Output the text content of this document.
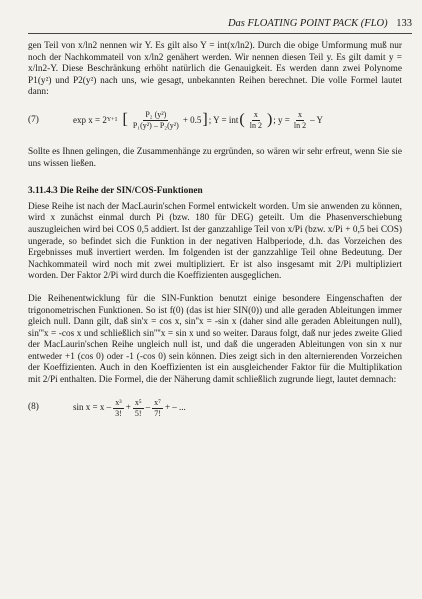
Das FLOATING POINT PACK (FLO) 133

gen Teil von x/ln2 nennen wir Y. Es gilt also Y = int(x/ln2). Durch die obige Umformung muß nur noch der Nachkommateil von x/ln2 genähert werden. Wir nennen diesen Teil y. Es gilt damit y = x/ln2-Y. Diese Beschränkung erhöht natürlich die Genauigkeit. Es werden dann zwei Polynome P1(y²) und P2(y²) nach uns, wie gesagt, unbekannten Reihen berechnet. Die volle Formel lautet dann:

(7)	exp x = 2 Y+1 [ $\frac{\text{P₂ (y²)}}{\text{P₁(y²) – P₂(y²)}} + 0.5$ ] ; Y = int ( $\frac{x}{\ln 2}$ ) ; $y = \frac{x}{\ln 2} - Y$

Sollte es Ihnen gelingen, die Zusammenhänge zu ergründen, so wären wir sehr erfreut, wenn Sie sie uns wissen ließen.

3.11.4.3 Die Reihe der SIN/COS-Funktionen

Diese Reihe ist nach der MacLaurin'schen Formel entwickelt worden. Um sie anwenden zu können, wird x zunächst einmal durch Pi (bzw. 180 für DEG) geteilt. Um die Phasenverschiebung auszugleichen wird bei COS 0,5 addiert. Ist der ganzzahlige Teil von x/Pi (bzw. x/Pi + 0,5 bei COS) ungerade, so befindet sich die Funktion in der negativen Halbperiode, d.h. das Vorzeichen des Ergebnisses muß invertiert werden. Im folgenden ist der ganzzahlige Teil ohne Bedeutung. Der Nachkommateil wird noch mit zwei multipliziert. Er ist also insgesamt mit 2/Pi multipliziert worden. Der Faktor 2/Pi wird durch die Koeffizienten ausgeglichen.

Die Reihenentwicklung für die SIN-Funktion benutzt einige besondere Eingenschaften der trigonometrischen Funktionen. So ist f(0) (das ist hier SIN(0)) und alle geraden Ableitungen immer gleich null. Dann gilt, daß sin'x = cos x, sin''x = -sin x (daher sind alle geraden Ableitungen null), sin'''x = -cos x und schließlich sin''''x = sin x und so weiter. Daraus folgt, daß nur jedes zweite Glied der MacLaurin'schen Reihe ungleich null ist, und daß die ungeraden Ableitungen von sin x nur entweder +1 (cos 0) oder -1 (-cos 0) sein können. Dies zeigt sich in den alternierenden Vorzeichen der Koeffizienten. Auch in den Koeffizienten ist ein ausgleichender Faktor für die Multiplikation mit 2/Pi enthalten. Die Formel, die der Näherung damit schließlich zugrunde liegt, lautet demnach:

(8)	$\sin x = x - \frac{\text{x³}}{3!} + \frac{\text{x⁵}}{5!} - \frac{\text{x⁷}}{7!}$ + – ...
